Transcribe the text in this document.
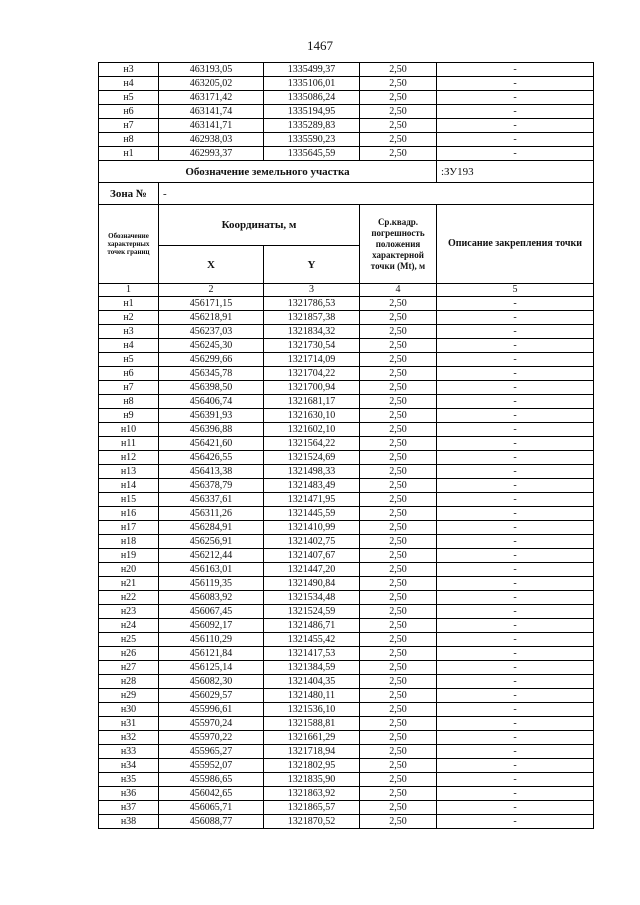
1467
н3	463193,05	1335499,37	2,50	-
н4	463205,02	1335106,01	2,50	-
н5	463171,42	1335086,24	2,50	-
н6	463141,74	1335194,95	2,50	-
н7	463141,71	1335289,83	2,50	-
н8	462938,03	1335590,23	2,50	-
н1	462993,37	1335645,59	2,50	-
Обозначение земельного участка				:ЗУ193
Зона №	-			
Обозначение характерных точек границ	Координаты, м		Ср.квадр. погрешность положения характерной точки (Mt), м	Описание закрепления точки
	X	Y		
1	2	3	4	5
н1	456171,15	1321786,53	2,50	-
н2	456218,91	1321857,38	2,50	-
н3	456237,03	1321834,32	2,50	-
н4	456245,30	1321730,54	2,50	-
н5	456299,66	1321714,09	2,50	-
н6	456345,78	1321704,22	2,50	-
н7	456398,50	1321700,94	2,50	-
н8	456406,74	1321681,17	2,50	-
н9	456391,93	1321630,10	2,50	-
н10	456396,88	1321602,10	2,50	-
н11	456421,60	1321564,22	2,50	-
н12	456426,55	1321524,69	2,50	-
н13	456413,38	1321498,33	2,50	-
н14	456378,79	1321483,49	2,50	-
н15	456337,61	1321471,95	2,50	-
н16	456311,26	1321445,59	2,50	-
н17	456284,91	1321410,99	2,50	-
н18	456256,91	1321402,75	2,50	-
н19	456212,44	1321407,67	2,50	-
н20	456163,01	1321447,20	2,50	-
н21	456119,35	1321490,84	2,50	-
н22	456083,92	1321534,48	2,50	-
н23	456067,45	1321524,59	2,50	-
н24	456092,17	1321486,71	2,50	-
н25	456110,29	1321455,42	2,50	-
н26	456121,84	1321417,53	2,50	-
н27	456125,14	1321384,59	2,50	-
н28	456082,30	1321404,35	2,50	-
н29	456029,57	1321480,11	2,50	-
н30	455996,61	1321536,10	2,50	-
н31	455970,24	1321588,81	2,50	-
н32	455970,22	1321661,29	2,50	-
н33	455965,27	1321718,94	2,50	-
н34	455952,07	1321802,95	2,50	-
н35	455986,65	1321835,90	2,50	-
н36	456042,65	1321863,92	2,50	-
н37	456065,71	1321865,57	2,50	-
н38	456088,77	1321870,52	2,50	-
